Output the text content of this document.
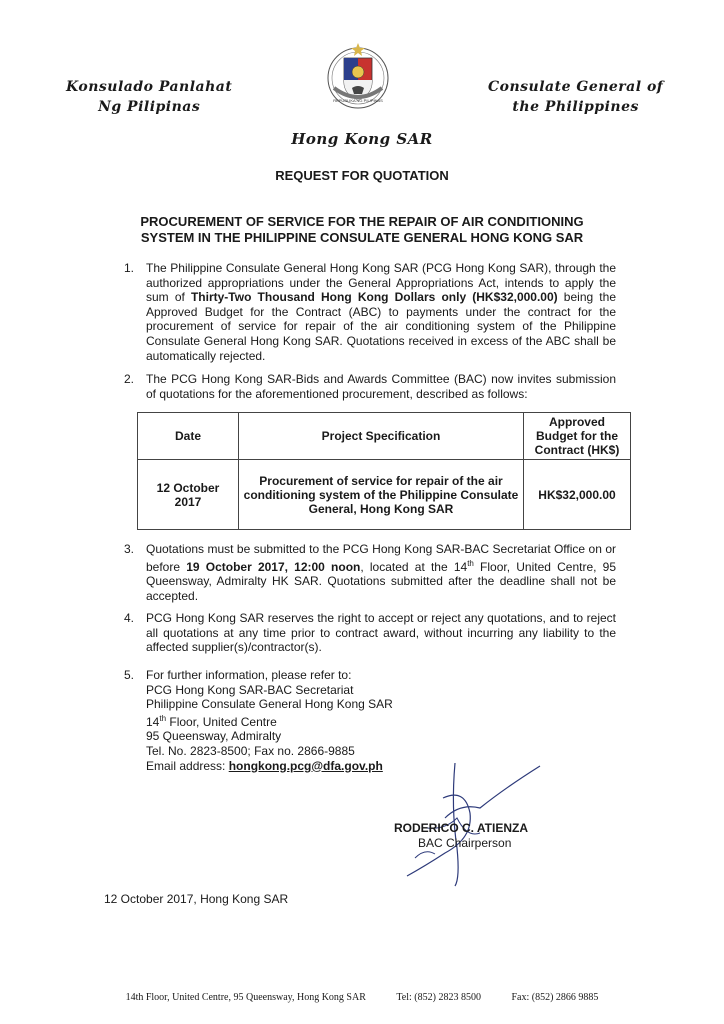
Konsulado Panlahat
Ng Pilipinas	REPUBLIKA NG PILIPINAS
Consulate General of
the Philippines
Hong Kong SAR
REQUEST FOR QUOTATION
PROCUREMENT OF SERVICE FOR THE REPAIR OF AIR CONDITIONING
SYSTEM IN THE PHILIPPINE CONSULATE GENERAL HONG KONG SAR
1. The Philippine Consulate General Hong Kong SAR (PCG Hong Kong SAR), through the authorized appropriations under the General Appropriations Act, intends to apply the sum of Thirty-Two Thousand Hong Kong Dollars only (HK$32,000.00) being the Approved Budget for the Contract (ABC) to payments under the contract for the procurement of service for repair of the air conditioning system of the Philippine Consulate General Hong Kong SAR. Quotations received in excess of the ABC shall be automatically rejected.
2. The PCG Hong Kong SAR-Bids and Awards Committee (BAC) now invites submission of quotations for the aforementioned procurement, described as follows:
Date	Project Specification	Approved Budget for the Contract (HK$)
12 October 2017	Procurement of service for repair of the air conditioning system of the Philippine Consulate General, Hong Kong SAR	HK$32,000.00
3. Quotations must be submitted to the PCG Hong Kong SAR-BAC Secretariat Office on or before 19 October 2017, 12:00 noon, located at the 14th Floor, United Centre, 95 Queensway, Admiralty HK SAR. Quotations submitted after the deadline shall not be accepted.
4. PCG Hong Kong SAR reserves the right to accept or reject any quotations, and to reject all quotations at any time prior to contract award, without incurring any liability to the affected supplier(s)/contractor(s).
5. For further information, please refer to:
PCG Hong Kong SAR-BAC Secretariat
Philippine Consulate General Hong Kong SAR
14th Floor, United Centre
95 Queensway, Admiralty
Tel. No. 2823-8500; Fax no. 2866-9885
Email address: hongkong.pcg@dfa.gov.ph
RODERICO C. ATIENZA
BAC Chairperson
12 October 2017, Hong Kong SAR
14th Floor, United Centre, 95 Queensway, Hong Kong SAR	Tel: (852) 2823 8500	Fax: (852) 2866 9885
